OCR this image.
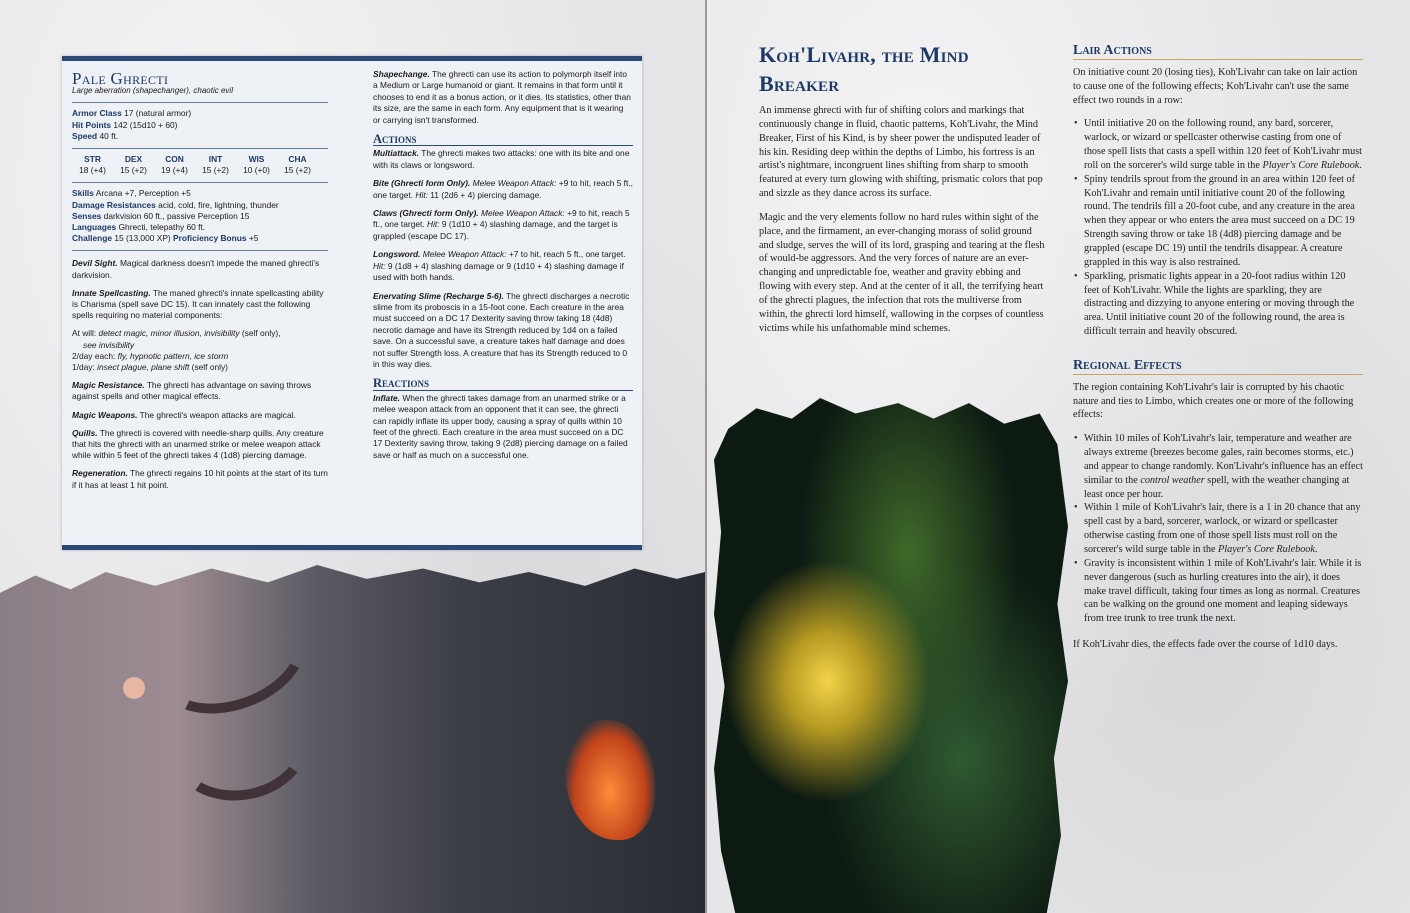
Pale Ghrecti
Large aberration (shapechanger), chaotic evil
Armor Class 17 (natural armor)
Hit Points 142 (15d10 + 60)
Speed 40 ft.
STR	DEX	CON	INT	WIS	CHA
18 (+4)	15 (+2)	19 (+4)	15 (+2)	10 (+0)	15 (+2)
Skills Arcana +7, Perception +5
Damage Resistances acid, cold, fire, lightning, thunder
Senses darkvision 60 ft., passive Perception 15
Languages Ghrecti, telepathy 60 ft.
Challenge 15 (13,000 XP) Proficiency Bonus +5
Devil Sight. Magical darkness doesn't impede the maned ghrecti's darkvision.
Innate Spellcasting. The maned ghrecti's innate spellcasting ability is Charisma (spell save DC 15). It can innately cast the following spells requiring no material components:
At will: detect magic, minor illusion, invisibility (self only),
see invisibility
2/day each: fly, hypnotic pattern, ice storm
1/day: insect plague, plane shift (self only)
Magic Resistance. The ghrecti has advantage on saving throws against spells and other magical effects.
Magic Weapons. The ghrecti's weapon attacks are magical.
Quills. The ghrecti is covered with needle-sharp quills. Any creature that hits the ghrecti with an unarmed strike or melee weapon attack while within 5 feet of the ghrecti takes 4 (1d8) piercing damage.
Regeneration. The ghrecti regains 10 hit points at the start of its turn if it has at least 1 hit point.
Shapechange. The ghrecti can use its action to polymorph itself into a Medium or Large humanoid or giant. It remains in that form until it chooses to end it as a bonus action, or it dies. Its statistics, other than its size, are the same in each form. Any equipment that is it wearing or carrying isn't transformed.
Actions
Multiattack. The ghrecti makes two attacks: one with its bite and one with its claws or longsword.
Bite (Ghrecti form Only). Melee Weapon Attack: +9 to hit, reach 5 ft., one target. Hit: 11 (2d6 + 4) piercing damage.
Claws (Ghrecti form Only). Melee Weapon Attack: +9 to hit, reach 5 ft., one target. Hit: 9 (1d10 + 4) slashing damage, and the target is grappled (escape DC 17).
Longsword. Melee Weapon Attack: +7 to hit, reach 5 ft., one target. Hit: 9 (1d8 + 4) slashing damage or 9 (1d10 + 4) slashing damage if used with both hands.
Enervating Slime (Recharge 5-6). The ghrecti discharges a necrotic slime from its proboscis in a 15-foot cone. Each creature in the area must succeed on a DC 17 Dexterity saving throw taking 18 (4d8) necrotic damage and have its Strength reduced by 1d4 on a failed save. On a successful save, a creature takes half damage and does not suffer Strength loss. A creature that has its Strength reduced to 0 in this way dies.
Reactions
Inflate. When the ghrecti takes damage from an unarmed strike or a melee weapon attack from an opponent that it can see, the ghrecti can rapidly inflate its upper body, causing a spray of quills within 10 feet of the ghrecti. Each creature in the area must succeed on a DC 17 Dexterity saving throw, taking 9 (2d8) piercing damage on a failed save or half as much on a successful one.
Koh'Livahr, the Mind
Breaker

An immense ghrecti with fur of shifting colors and markings that continuously change in fluid, chaotic patterns, Koh'Livahr, the Mind Breaker, First of his Kind, is by sheer power the undisputed leader of his kin. Residing deep within the depths of Limbo, his fortress is an artist's nightmare, incongruent lines shifting from sharp to smooth featured at every turn glowing with shifting, prismatic colors that pop and sizzle as they dance across its surface.

Magic and the very elements follow no hard rules within sight of the place, and the firmament, an ever-changing morass of solid ground and sludge, serves the will of its lord, grasping and tearing at the flesh of would-be aggressors. And the very forces of nature are an ever-changing and unpredictable foe, weather and gravity ebbing and flowing with every step. And at the center of it all, the terrifying heart of the ghrecti plagues, the infection that rots the multiverse from within, the ghrecti lord himself, wallowing in the corpses of countless victims while his unfathomable mind schemes.

Lair Actions

On initiative count 20 (losing ties), Koh'Livahr can take on lair action to cause one of the following effects; Koh'Livahr can't use the same effect two rounds in a row:

• Until initiative 20 on the following round, any bard, sorcerer, warlock, or wizard or spellcaster otherwise casting from one of those spell lists that casts a spell within 120 feet of Koh'Livahr must roll on the sorcerer's wild surge table in the Player's Core Rulebook.
• Spiny tendrils sprout from the ground in an area within 120 feet of Koh'Livahr and remain until initiative count 20 of the following round. The tendrils fill a 20-foot cube, and any creature in the area when they appear or who enters the area must succeed on a DC 19 Strength saving throw or take 18 (4d8) piercing damage and be grappled (escape DC 19) until the tendrils disappear. A creature grappled in this way is also restrained.
• Sparkling, prismatic lights appear in a 20-foot radius within 120 feet of Koh'Livahr. While the lights are sparkling, they are distracting and dizzying to anyone entering or moving through the area. Until initiative count 20 of the following round, the area is difficult terrain and heavily obscured.
Regional Effects

The region containing Koh'Livahr's lair is corrupted by his chaotic nature and ties to Limbo, which creates one or more of the following effects:

• Within 10 miles of Koh'Livahr's lair, temperature and weather are always extreme (breezes become gales, rain becomes storms, etc.) and appear to change randomly. Kon'Livahr's influence has an effect similar to the control weather spell, with the weather changing at least once per hour.
• Within 1 mile of Koh'Livahr's lair, there is a 1 in 20 chance that any spell cast by a bard, sorcerer, warlock, or wizard or spellcaster otherwise casting from one of those spell lists must roll on the sorcerer's wild surge table in the Player's Core Rulebook.
• Gravity is inconsistent within 1 mile of Koh'Livahr's lair. While it is never dangerous (such as hurling creatures into the air), it does make travel difficult, taking four times as long as normal. Creatures can be walking on the ground one moment and leaping sideways from tree trunk to tree trunk the next.

If Koh'Livahr dies, the effects fade over the course of 1d10 days.
